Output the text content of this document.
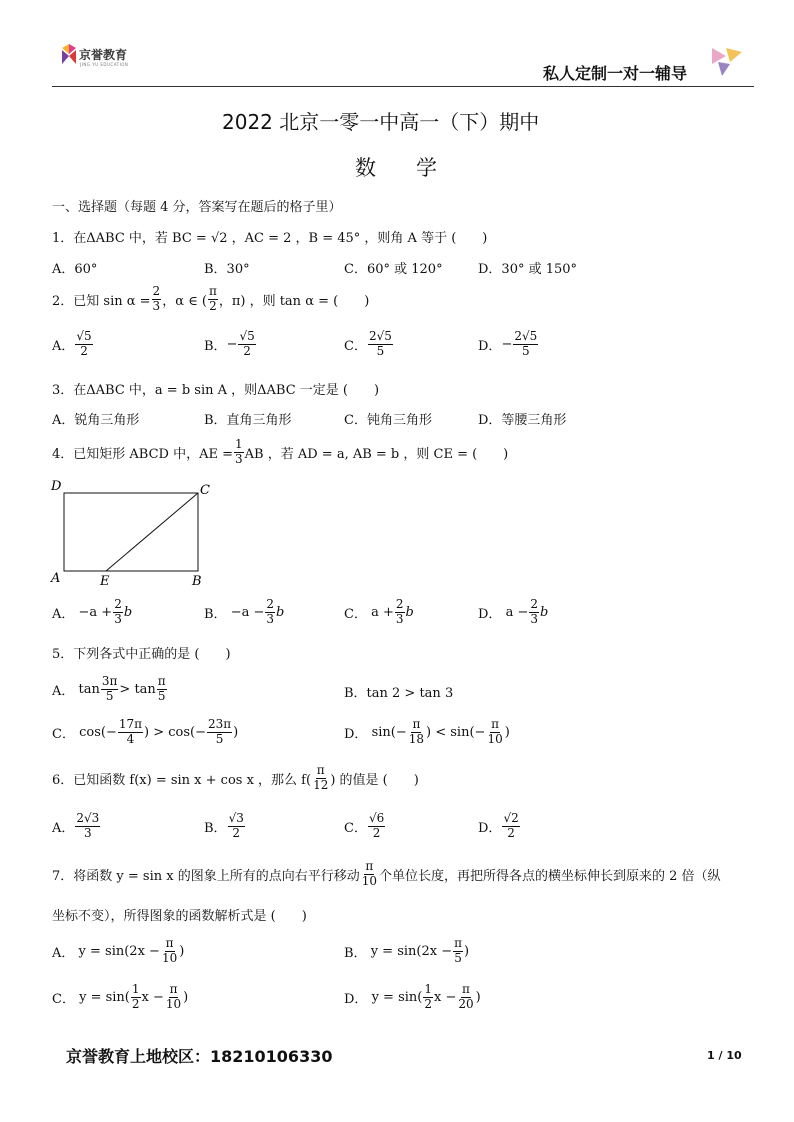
京誉教育
JING YU EDUCATION	私人定制一对一辅导
2022 北京一零一中高一（下）期中
数学
一、选择题（每题 4 分，答案写在题后的格子里）
1．在ΔABC 中，若 BC = √2 ，AC = 2 ，B = 45° ，则角 A 等于 (　　)
A．60°	B．30°	C．60° 或 120°	D．30° 或 150°
2．已知 $\sin \alpha = \frac{2}{3}$ ，α ∈ ( $\frac{\pi}{2}$ ，π) ，则 tan α = (　　)
A． $\frac{√5}{2}$	B． − $\frac{√5}{2}$	C． $\frac{2√5}{5}$	D． − $\frac{2√5}{5}$
3．在ΔABC 中，a = b sin A ，则ΔABC 一定是 (　　)
A．锐角三角形	B．直角三角形	C．钝角三角形	D．等腰三角形
4．已知矩形 ABCD 中，AE = $\frac{1}{3}$ AB ，若 AD = a, AB = b ，则 CE = (　　)
D	C
A	E	B
A．
$-a + \frac{2}{3}$ b	B．
$-a - \frac{2}{3}$ b	C．
$a + \frac{2}{3}$ b	D．
$a - \frac{2}{3}$ b
5．下列各式中正确的是 (　　)
A．
$\tan \frac{3\pi}{5} > \tan \frac{\pi}{5}$	B．tan 2 > tan 3
C．
$\cos(- \frac{17\pi}{4}$ ) > $\cos(- \frac{23\pi}{5}$ )	D．
$\sin(- \frac{\pi}{18}$ ) < $\sin(- \frac{\pi}{10}$ )
6．已知函数 f(x) = sin x + cos x ，那么 $f( \frac{\pi}{12}$ ) 的值是 (　　)
A． $\frac{2√3}{3}$	B． $\frac{√3}{2}$	C． $\frac{√6}{2}$	D． $\frac{√2}{2}$
7．将函数 y = sin x 的图象上所有的点向右平行移动 $\frac{\pi}{10}$ 个单位长度，再把所得各点的横坐标伸长到原来的 2 倍（纵
坐标不变），所得图象的函数解析式是 (　　)
A．
$y = \sin(2x - \frac{\pi}{10}$ )	B．
$y = \sin(2x - \frac{\pi}{5}$ )
C．
$y = \sin( \frac{1}{2}$ $x - \frac{\pi}{10}$ )	D．
$y = \sin( \frac{1}{2}$ $x - \frac{\pi}{20}$ )
京誉教育上地校区：18210106330	1 / 10
